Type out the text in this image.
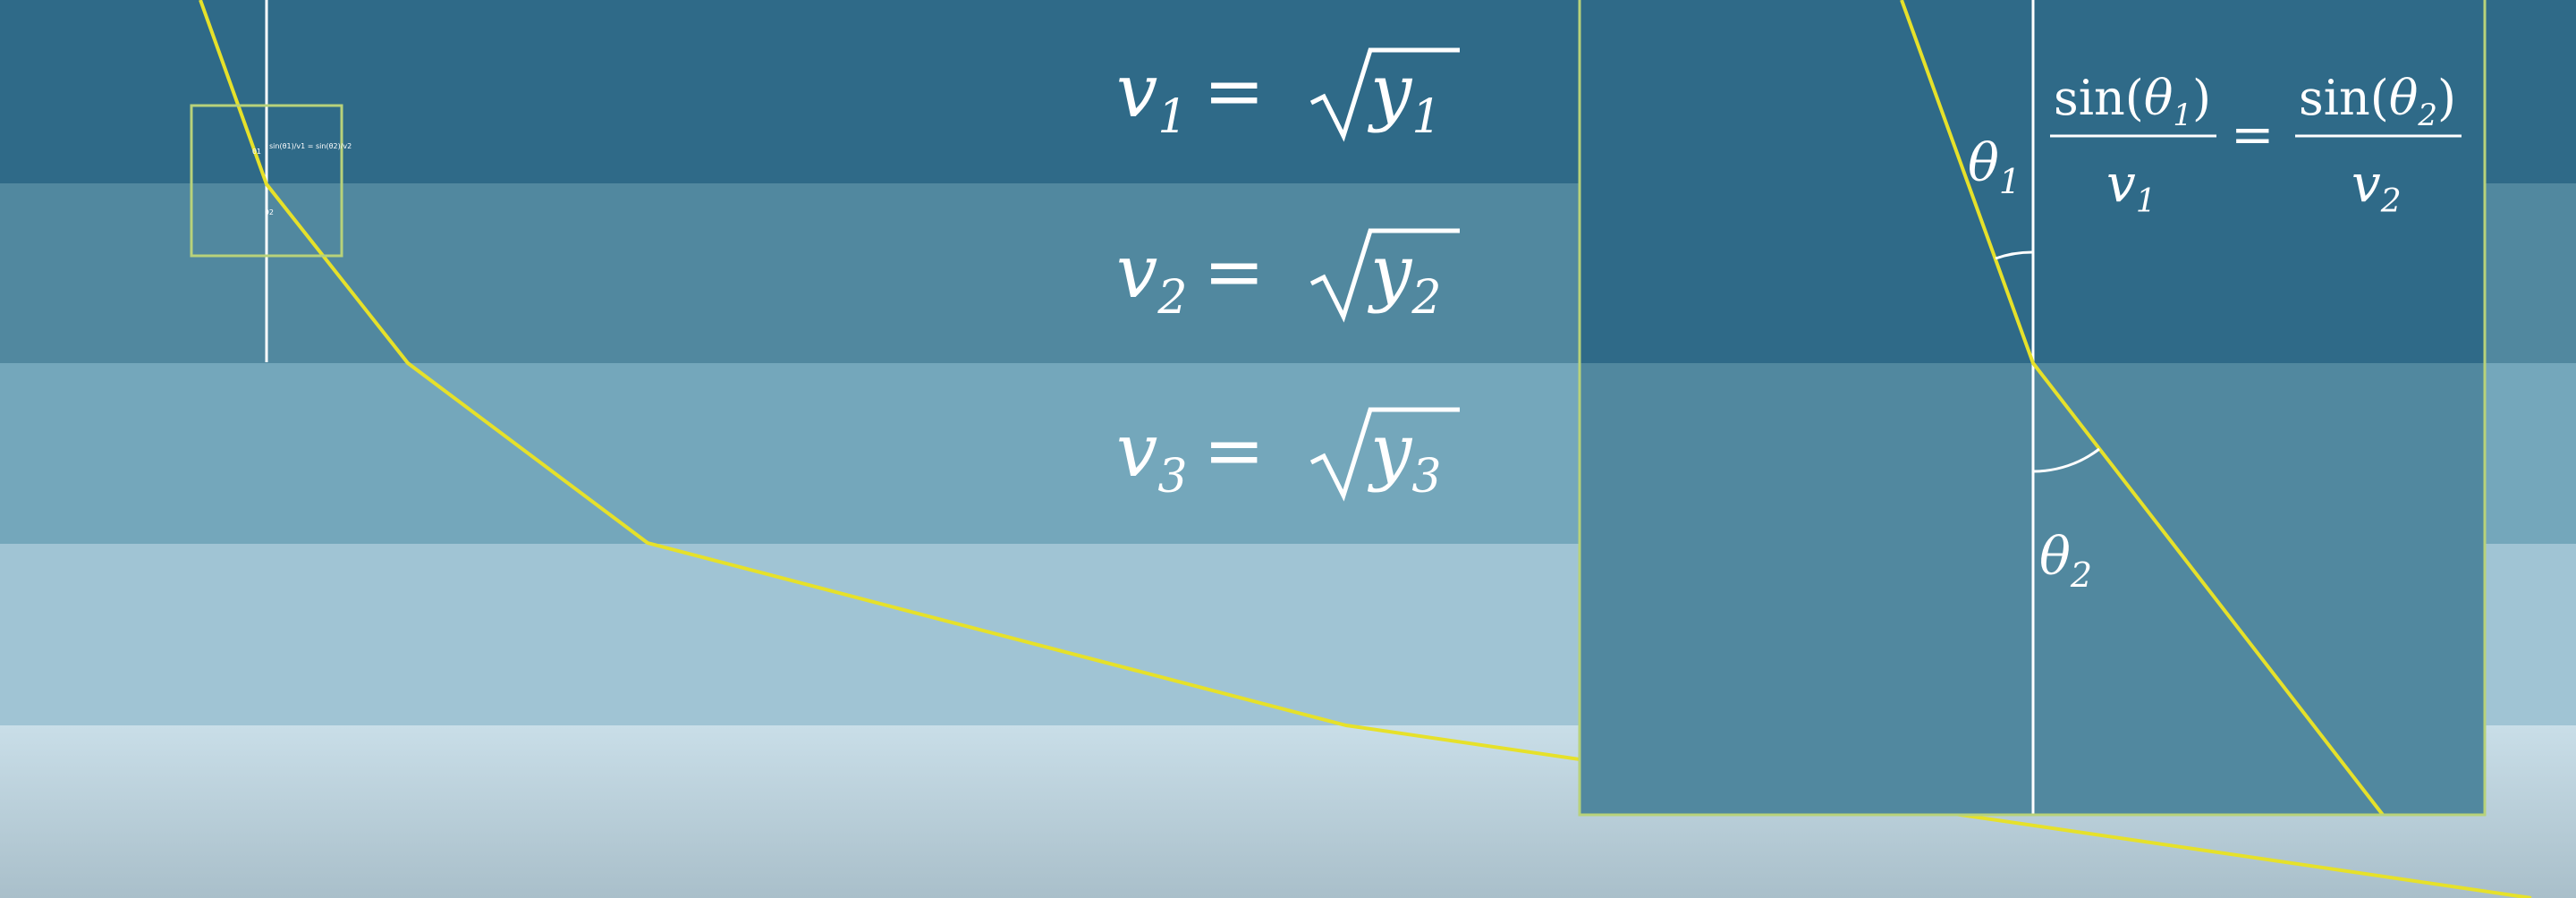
sin(θ1)/v1 = sin(θ2)/v2
θ1
θ2
$v_1 = y_1$
$v_2 = y_2$
$v_3 = y_3$
$\theta_1$
$\theta_2$
$\sin(\theta_1)$
$v_1$
=
$\sin(\theta_2)$
$v_2$
